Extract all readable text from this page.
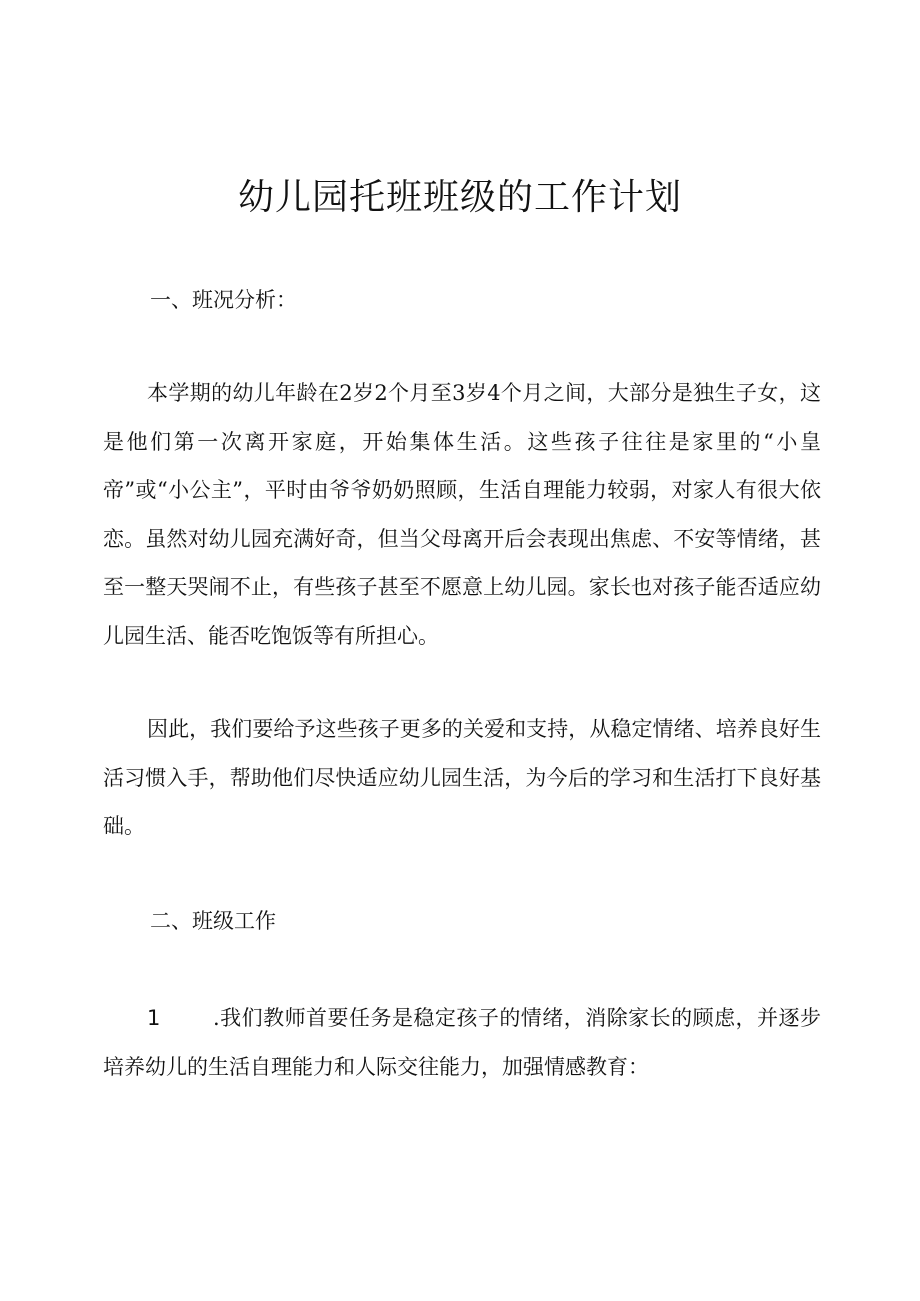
幼儿园托班班级的工作计划
一、班况分析：

本学期的幼儿年龄在2岁2个月至3岁4个月之间，大部分是独生子女，这是他们第一次离开家庭，开始集体生活。这些孩子往往是家里的“小皇帝”或“小公主”，平时由爷爷奶奶照顾，生活自理能力较弱，对家人有很大依恋。虽然对幼儿园充满好奇，但当父母离开后会表现出焦虑、不安等情绪，甚至一整天哭闹不止，有些孩子甚至不愿意上幼儿园。家长也对孩子能否适应幼儿园生活、能否吃饱饭等有所担心。

因此，我们要给予这些孩子更多的关爱和支持，从稳定情绪、培养良好生活习惯入手，帮助他们尽快适应幼儿园生活，为今后的学习和生活打下良好基础。

二、班级工作

1	.我们教师首要任务是稳定孩子的情绪，消除家长的顾虑，并逐步培养幼儿的生活自理能力和人际交往能力，加强情感教育：
